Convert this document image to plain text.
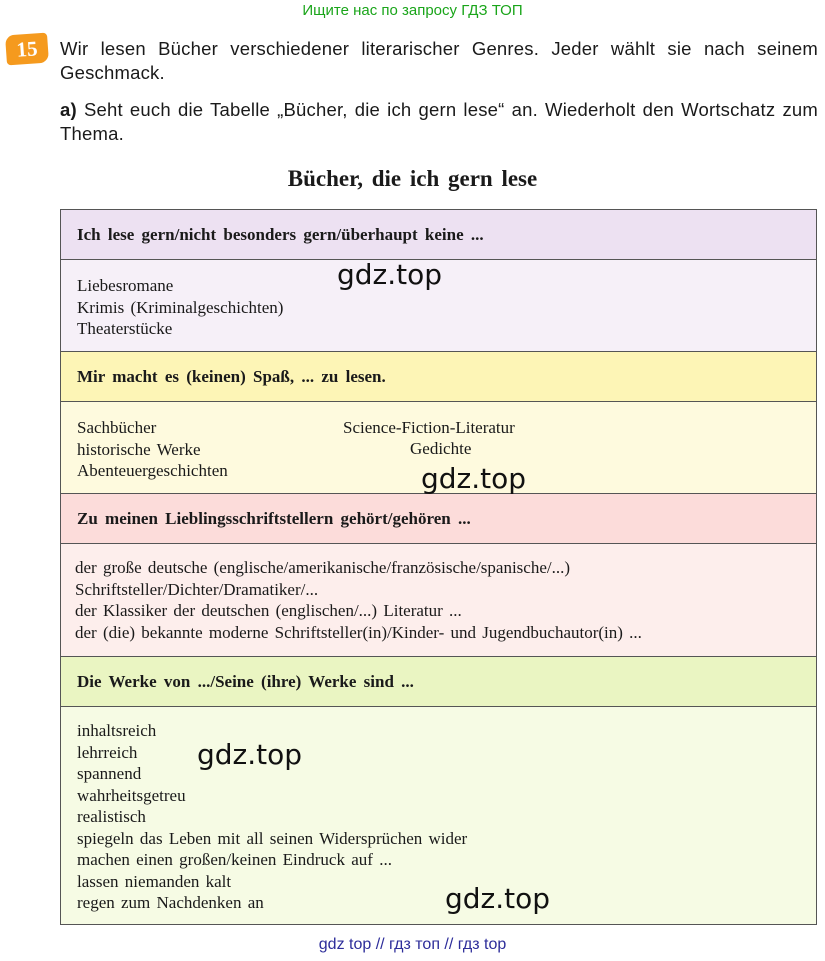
Ищите нас по запросу ГДЗ ТОП
15	Wir lesen Bücher verschiedener literarischer Genres. Jeder wählt sie nach seinem Geschmack.
a) Seht euch die Tabelle „Bücher, die ich gern lese“ an. Wiederholt den Wortschatz zum Thema.
Bücher, die ich gern lese
Ich lese gern/nicht besonders gern/überhaupt keine ...
Liebesromane
Krimis (Kriminalgeschichten)
Theaterstücke
Mir macht es (keinen) Spaß, ... zu lesen.
Sachbücher
historische Werke
Abenteuergeschichten
Science-Fiction-Literatur
Gedichte
Zu meinen Lieblingsschriftstellern gehört/gehören ...
der große deutsche (englische/amerikanische/französische/spanische/...)
Schriftsteller/Dichter/Dramatiker/...
der Klassiker der deutschen (englischen/...) Literatur ...
der (die) bekannte moderne Schriftsteller(in)/Kinder- und Jugendbuchautor(in) ...
Die Werke von .../Seine (ihre) Werke sind ...
inhaltsreich
lehrreich
spannend
wahrheitsgetreu
realistisch
spiegeln das Leben mit all seinen Widersprüchen wider
machen einen großen/keinen Eindruck auf ...
lassen niemanden kalt
regen zum Nachdenken an
gdz.top
gdz.top
gdz.top
gdz.top
gdz top // гдз топ // гдз top
